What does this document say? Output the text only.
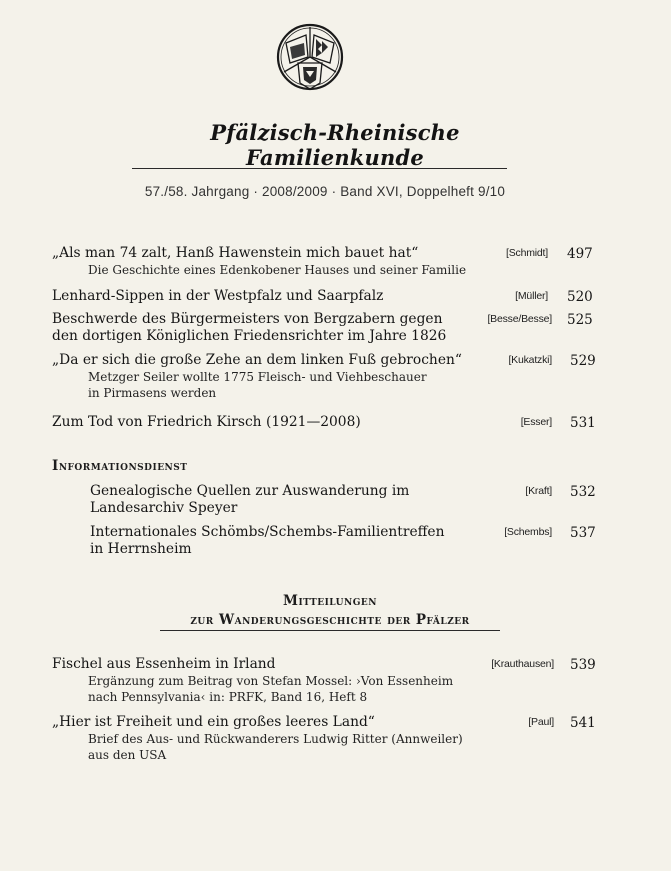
Pfälzisch-Rheinische Familienkunde
57./58. Jahrgang · 2008/2009 · Band XVI, Doppelheft 9/10
„Als man 74 zalt, Hanß Hawenstein mich bauet hat“
Die Geschichte eines Edenkobener Hauses und seiner Familie
[Schmidt] 497
Lenhard-Sippen in der Westpfalz und Saarpfalz	[Müller] 520
Beschwerde des Bürgermeisters von Bergzabern gegen
den dortigen Königlichen Friedensrichter im Jahre 1826
[Besse/Besse] 525
„Da er sich die große Zehe an dem linken Fuß gebrochen“
Metzger Seiler wollte 1775 Fleisch- und Viehbeschauer
in Pirmasens werden
[Kukatzki] 529
Zum Tod von Friedrich Kirsch (1921—2008)	[Esser] 531
Informationsdienst
Genealogische Quellen zur Auswanderung im
Landesarchiv Speyer
[Kraft] 532
Internationales Schömbs/Schembs-Familientreffen
in Herrnsheim
[Schembs] 537
Mitteilungen
zur Wanderungsgeschichte der Pfälzer
Fischel aus Essenheim in Irland
Ergänzung zum Beitrag von Stefan Mossel: ›Von Essenheim
nach Pennsylvania‹ in: PRFK, Band 16, Heft 8
[Krauthausen] 539
„Hier ist Freiheit und ein großes leeres Land“
Brief des Aus- und Rückwanderers Ludwig Ritter (Annweiler)
aus den USA
[Paul] 541
